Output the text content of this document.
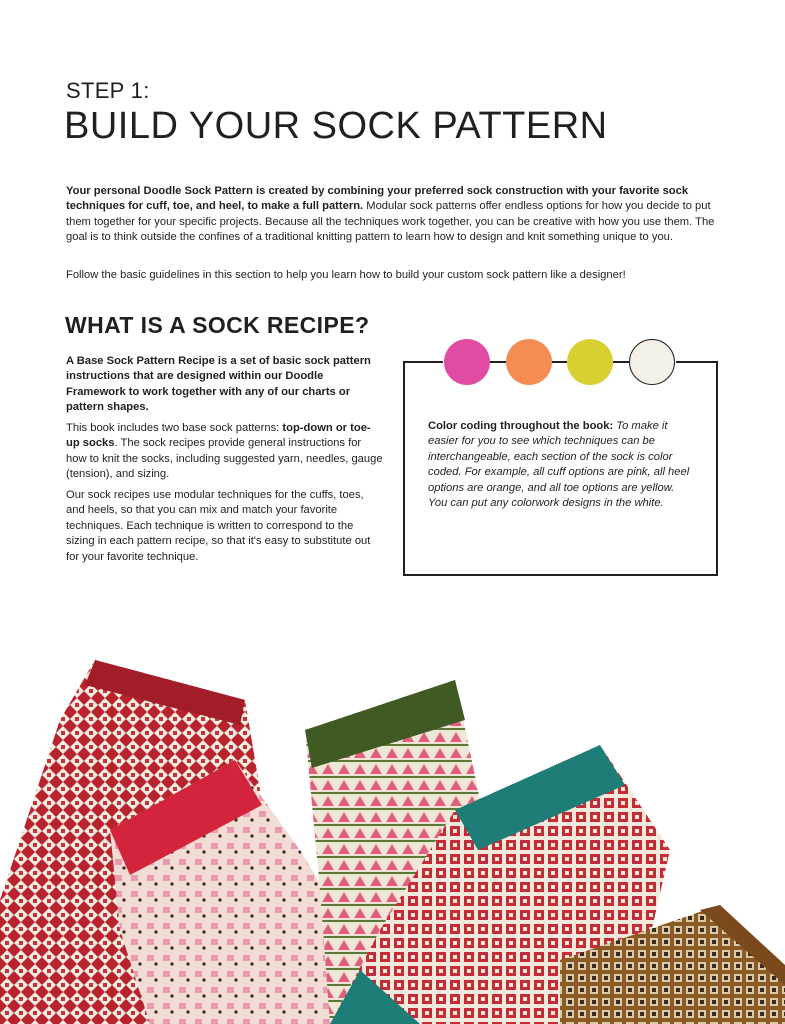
STEP 1:
BUILD YOUR SOCK PATTERN

Your personal Doodle Sock Pattern is created by combining your preferred sock construction with your favorite sock techniques for cuff, toe, and heel, to make a full pattern. Modular sock patterns offer endless options for how you decide to put them together for your specific projects. Because all the techniques work together, you can be creative with how you use them. The goal is to think outside the confines of a traditional knitting pattern to learn how to design and knit something unique to you.

Follow the basic guidelines in this section to help you learn how to build your custom sock pattern like a designer!

WHAT IS A SOCK RECIPE?

A Base Sock Pattern Recipe is a set of basic sock pattern instructions that are designed within our Doodle Framework to work together with any of our charts or pattern shapes.

This book includes two base sock patterns: top-down or toe-up socks. The sock recipes provide general instructions for how to knit the socks, including suggested yarn, needles, gauge (tension), and sizing.

Our sock recipes use modular techniques for the cuffs, toes, and heels, so that you can mix and match your favorite techniques. Each technique is written to correspond to the sizing in each pattern recipe, so that it's easy to substitute out for your favorite technique.

Color coding throughout the book: To make it easier for you to see which techniques can be interchangeable, each section of the sock is color coded. For example, all cuff options are pink, all heel options are orange, and all toe options are yellow. You can put any colorwork designs in the white.
